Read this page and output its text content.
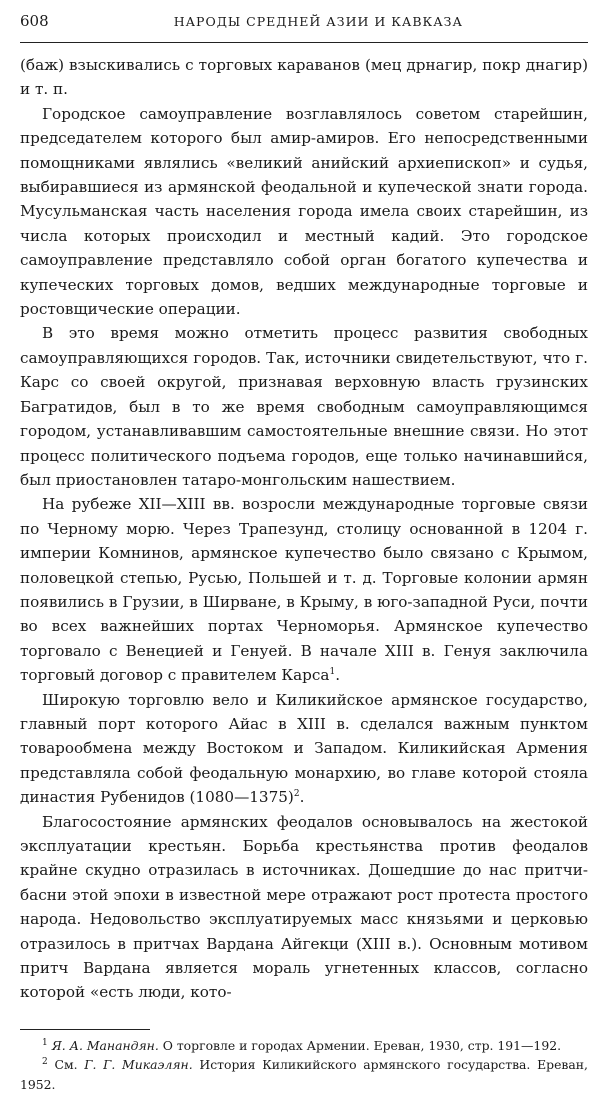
608	НАРОДЫ СРЕДНЕЙ АЗИИ И КАВКАЗА

(баж) взыскивались с торговых караванов (мец дрнагир, покр днагир) и т. п.

Городское самоуправление возглавлялось советом старейшин, председателем которого был амир-амиров. Его непосредственными помощниками являлись «великий анийский архиепископ» и судья, выбиравшиеся из армянской феодальной и купеческой знати города. Мусульманская часть населения города имела своих старейшин, из числа которых происходил и местный кадий. Это городское самоуправление представляло собой орган богатого купечества и купеческих торговых домов, ведших международные торговые и ростовщические операции.

В это время можно отметить процесс развития свободных самоуправляющихся городов. Так, источники свидетельствуют, что г. Карс со своей округой, признавая верховную власть грузинских Багратидов, был в то же время свободным самоуправляющимся городом, устанавливавшим самостоятельные внешние связи. Но этот процесс политического подъема городов, еще только начинавшийся, был приостановлен татаро-монгольским нашествием.

На рубеже XII—XIII вв. возросли международные торговые связи по Черному морю. Через Трапезунд, столицу основанной в 1204 г. империи Комнинов, армянское купечество было связано с Крымом, половецкой степью, Русью, Польшей и т. д. Торговые колонии армян появились в Грузии, в Ширване, в Крыму, в юго-западной Руси, почти во всех важнейших портах Черноморья. Армянское купечество торговало с Венецией и Генуей. В начале XIII в. Генуя заключила торговый договор с правителем Карса$^1$.

Широкую торговлю вело и Киликийское армянское государство, главный порт которого Айас в XIII в. сделался важным пунктом товарообмена между Востоком и Западом. Киликийская Армения представляла собой феодальную монархию, во главе которой стояла династия Рубенидов (1080—1375)$^2$.

Благосостояние армянских феодалов основывалось на жестокой эксплуатации крестьян. Борьба крестьянства против феодалов крайне скудно отразилась в источниках. Дошедшие до нас притчи-басни этой эпохи в известной мере отражают рост протеста простого народа. Недовольство эксплуатируемых масс князьями и церковью отразилось в притчах Вардана Айгекци (XIII в.). Основным мотивом притч Вардана является мораль угнетенных классов, согласно которой «есть люди, кото-

$^1$ Я. А. Манандян. О торговле и городах Армении. Ереван, 1930, стр. 191—192.

$^2$ См. Г. Г. Микаэлян. История Киликийского армянского государства. Ереван, 1952.
